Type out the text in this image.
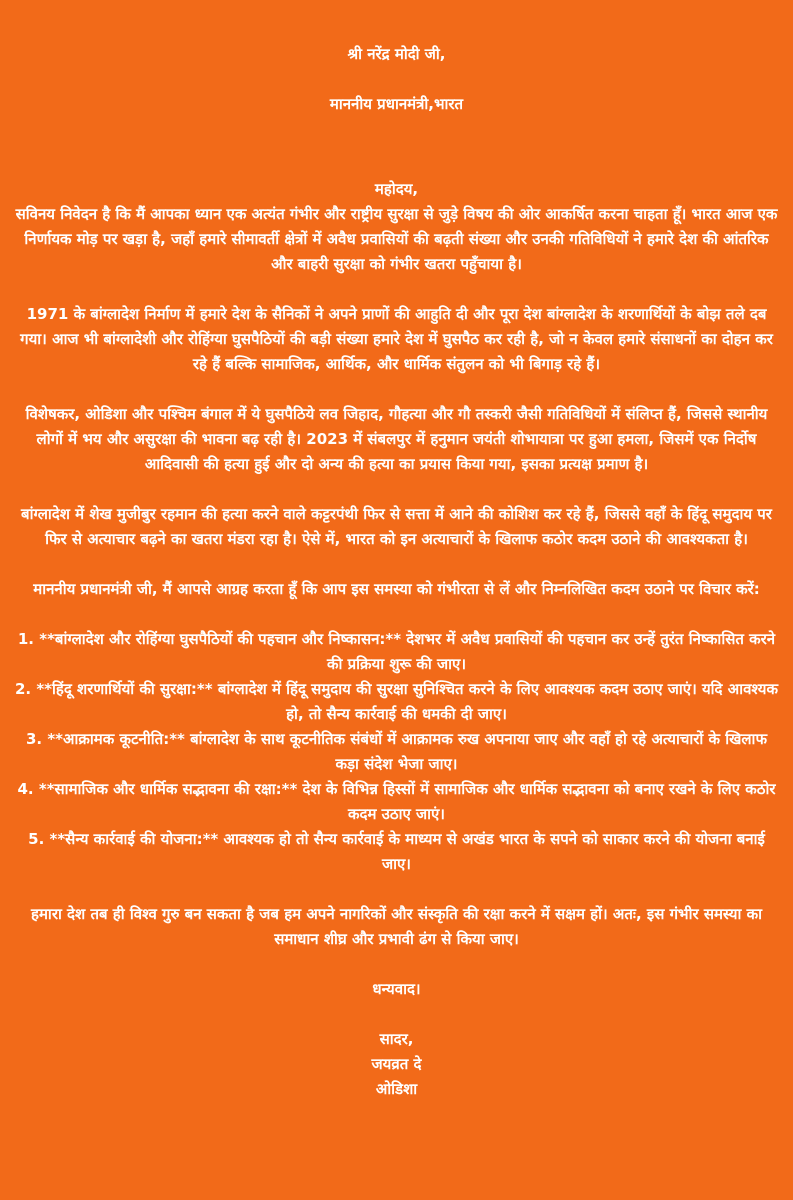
श्री नरेंद्र मोदी जी,

माननीय प्रधानमंत्री,भारत

महोदय,

सविनय निवेदन है कि मैं आपका ध्यान एक अत्यंत गंभीर और राष्ट्रीय सुरक्षा से जुड़े विषय की ओर आकर्षित करना चाहता हूँ। भारत आज एक निर्णायक मोड़ पर खड़ा है, जहाँ हमारे सीमावर्ती क्षेत्रों में अवैध प्रवासियों की बढ़ती संख्या और उनकी गतिविधियों ने हमारे देश की आंतरिक और बाहरी सुरक्षा को गंभीर खतरा पहुँचाया है।

1971 के बांग्लादेश निर्माण में हमारे देश के सैनिकों ने अपने प्राणों की आहुति दी और पूरा देश बांग्लादेश के शरणार्थियों के बोझ तले दब गया। आज भी बांग्लादेशी और रोहिंग्या घुसपैठियों की बड़ी संख्या हमारे देश में घुसपैठ कर रही है, जो न केवल हमारे संसाधनों का दोहन कर रहे हैं बल्कि सामाजिक, आर्थिक, और धार्मिक संतुलन को भी बिगाड़ रहे हैं।

विशेषकर, ओडिशा और पश्चिम बंगाल में ये घुसपैठिये लव जिहाद, गौहत्या और गौ तस्करी जैसी गतिविधियों में संलिप्त हैं, जिससे स्थानीय लोगों में भय और असुरक्षा की भावना बढ़ रही है। 2023 में संबलपुर में हनुमान जयंती शोभायात्रा पर हुआ हमला, जिसमें एक निर्दोष आदिवासी की हत्या हुई और दो अन्य की हत्या का प्रयास किया गया, इसका प्रत्यक्ष प्रमाण है।

बांग्लादेश में शेख मुजीबुर रहमान की हत्या करने वाले कट्टरपंथी फिर से सत्ता में आने की कोशिश कर रहे हैं, जिससे वहाँ के हिंदू समुदाय पर फिर से अत्याचार बढ़ने का खतरा मंडरा रहा है। ऐसे में, भारत को इन अत्याचारों के खिलाफ कठोर कदम उठाने की आवश्यकता है।

माननीय प्रधानमंत्री जी, मैं आपसे आग्रह करता हूँ कि आप इस समस्या को गंभीरता से लें और निम्नलिखित कदम उठाने पर विचार करें:

1. **बांग्लादेश और रोहिंग्या घुसपैठियों की पहचान और निष्कासन:** देशभर में अवैध प्रवासियों की पहचान कर उन्हें तुरंत निष्कासित करने की प्रक्रिया शुरू की जाए।
2. **हिंदू शरणार्थियों की सुरक्षा:** बांग्लादेश में हिंदू समुदाय की सुरक्षा सुनिश्चित करने के लिए आवश्यक कदम उठाए जाएं। यदि आवश्यक हो, तो सैन्य कार्रवाई की धमकी दी जाए।
3. **आक्रामक कूटनीति:** बांग्लादेश के साथ कूटनीतिक संबंधों में आक्रामक रुख अपनाया जाए और वहाँ हो रहे अत्याचारों के खिलाफ कड़ा संदेश भेजा जाए।
4. **सामाजिक और धार्मिक सद्भावना की रक्षा:** देश के विभिन्न हिस्सों में सामाजिक और धार्मिक सद्भावना को बनाए रखने के लिए कठोर कदम उठाए जाएं।
5. **सैन्य कार्रवाई की योजना:** आवश्यक हो तो सैन्य कार्रवाई के माध्यम से अखंड भारत के सपने को साकार करने की योजना बनाई जाए।

हमारा देश तब ही विश्व गुरु बन सकता है जब हम अपने नागरिकों और संस्कृति की रक्षा करने में सक्षम हों। अतः, इस गंभीर समस्या का समाधान शीघ्र और प्रभावी ढंग से किया जाए।

धन्यवाद।

सादर,

जयव्रत दे

ओडिशा
